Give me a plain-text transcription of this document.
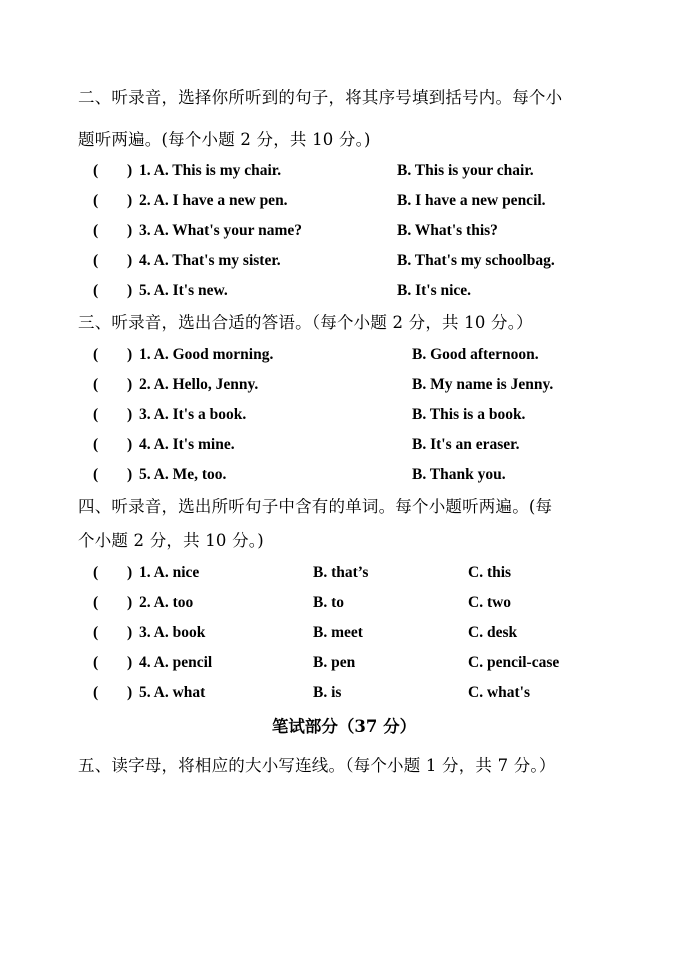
二、听录音，选择你所听到的句子，将其序号填到括号内。每个小
题听两遍。(每个小题 2 分，共 10 分。)
( ) 1. A. This is my chair.	B. This is your chair.
( ) 2. A. I have a new pen.	B. I have a new pencil.
( ) 3. A. What's your name?	B. What's this?
( ) 4. A. That's my sister.	B. That's my schoolbag.
( ) 5. A. It's new.	B. It's nice.
三、听录音，选出合适的答语。（每个小题 2 分，共 10 分。）
( ) 1. A. Good morning.	B. Good afternoon.
( ) 2. A. Hello, Jenny.	B. My name is Jenny.
( ) 3. A. It's a book.	B. This is a book.
( ) 4. A. It's mine.	B. It's an eraser.
( ) 5. A. Me, too.	B. Thank you.
四、听录音，选出所听句子中含有的单词。每个小题听两遍。(每
个小题 2 分，共 10 分。)
( ) 1. A. nice	B. that’s	C. this
( ) 2. A. too	B. to	C. two
( ) 3. A. book	B. meet	C. desk
( ) 4. A. pencil	B. pen	C. pencil-case
( ) 5. A. what	B. is	C. what's
笔试部分（37 分）
五、读字母，将相应的大小写连线。（每个小题 1 分，共 7 分。）
